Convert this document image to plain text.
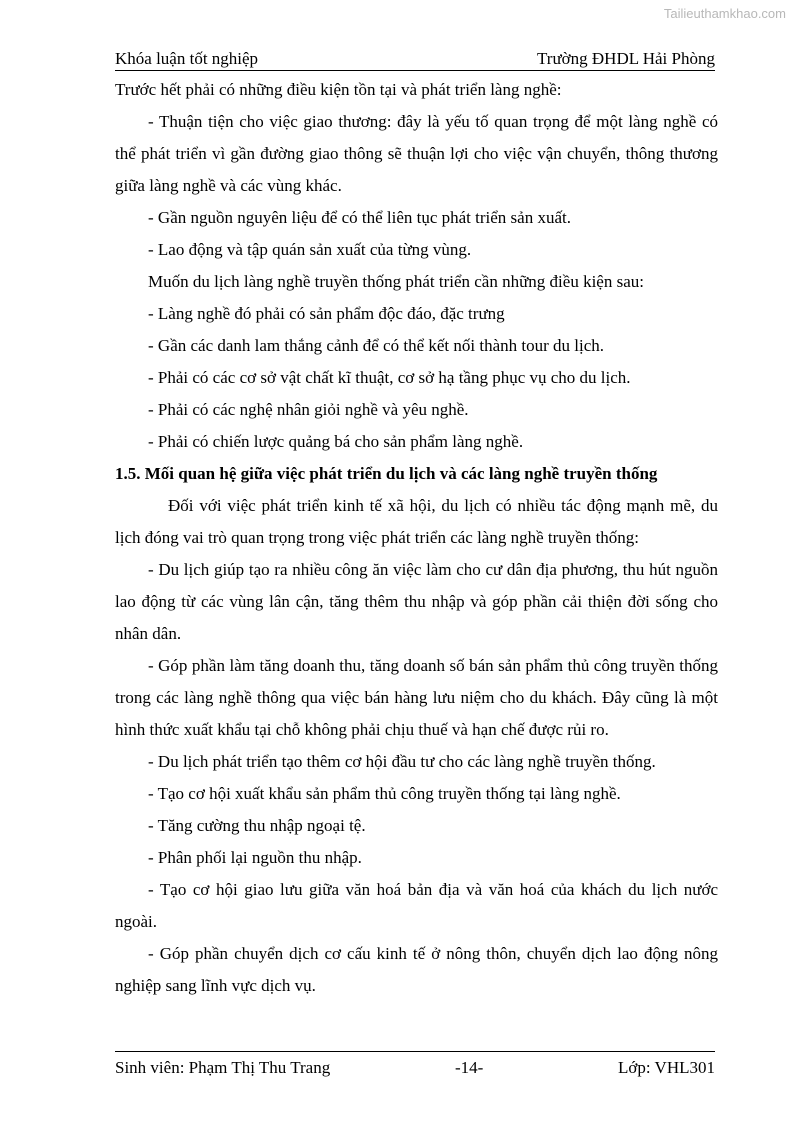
Tailieuthamkhao.com
Khóa luận tốt nghiệp	Trường ĐHDL Hải Phòng

Trước hết phải có những điều kiện tồn tại và phát triển làng nghề:

- Thuận tiện cho việc giao thương: đây là yếu tố quan trọng để một làng nghề có thể phát triển vì gần đường giao thông sẽ thuận lợi cho việc vận chuyển, thông thương giữa làng nghề và các vùng khác.

- Gần nguồn nguyên liệu để có thể liên tục phát triển sản xuất.

- Lao động và tập quán sản xuất của từng vùng.

Muốn du lịch làng nghề truyền thống phát triển cần những điều kiện sau:

- Làng nghề đó phải có sản phẩm độc đáo, đặc trưng

- Gần các danh lam thắng cảnh để có thể kết nối thành tour du lịch.

- Phải có các cơ sở vật chất kĩ thuật, cơ sở hạ tầng phục vụ cho du lịch.

- Phải có các nghệ nhân giỏi nghề và yêu nghề.

- Phải có chiến lược quảng bá cho sản phẩm làng nghề.

1.5. Mối quan hệ giữa việc phát triển du lịch và các làng nghề truyền thống

Đối với việc phát triển kinh tế xã hội, du lịch có nhiều tác động mạnh mẽ, du lịch đóng vai trò quan trọng trong việc phát triển các làng nghề truyền thống:

- Du lịch giúp tạo ra nhiều công ăn việc làm cho cư dân địa phương, thu hút nguồn lao động từ các vùng lân cận, tăng thêm thu nhập và góp phần cải thiện đời sống cho nhân dân.

- Góp phần làm tăng doanh thu, tăng doanh số bán sản phẩm thủ công truyền thống trong các làng nghề thông qua việc bán hàng lưu niệm cho du khách. Đây cũng là một hình thức xuất khẩu tại chỗ không phải chịu thuế và hạn chế được rủi ro.

- Du lịch phát triển tạo thêm cơ hội đầu tư cho các làng nghề truyền thống.

- Tạo cơ hội xuất khẩu sản phẩm thủ công truyền thống tại làng nghề.

- Tăng cường thu nhập ngoại tệ.

- Phân phối lại nguồn thu nhập.

- Tạo cơ hội giao lưu giữa văn hoá bản địa và văn hoá của khách du lịch nước ngoài.

- Góp phần chuyển dịch cơ cấu kinh tế ở nông thôn, chuyển dịch lao động nông nghiệp sang lĩnh vực dịch vụ.

Sinh viên: Phạm Thị Thu Trang	-14-	Lớp: VHL301
